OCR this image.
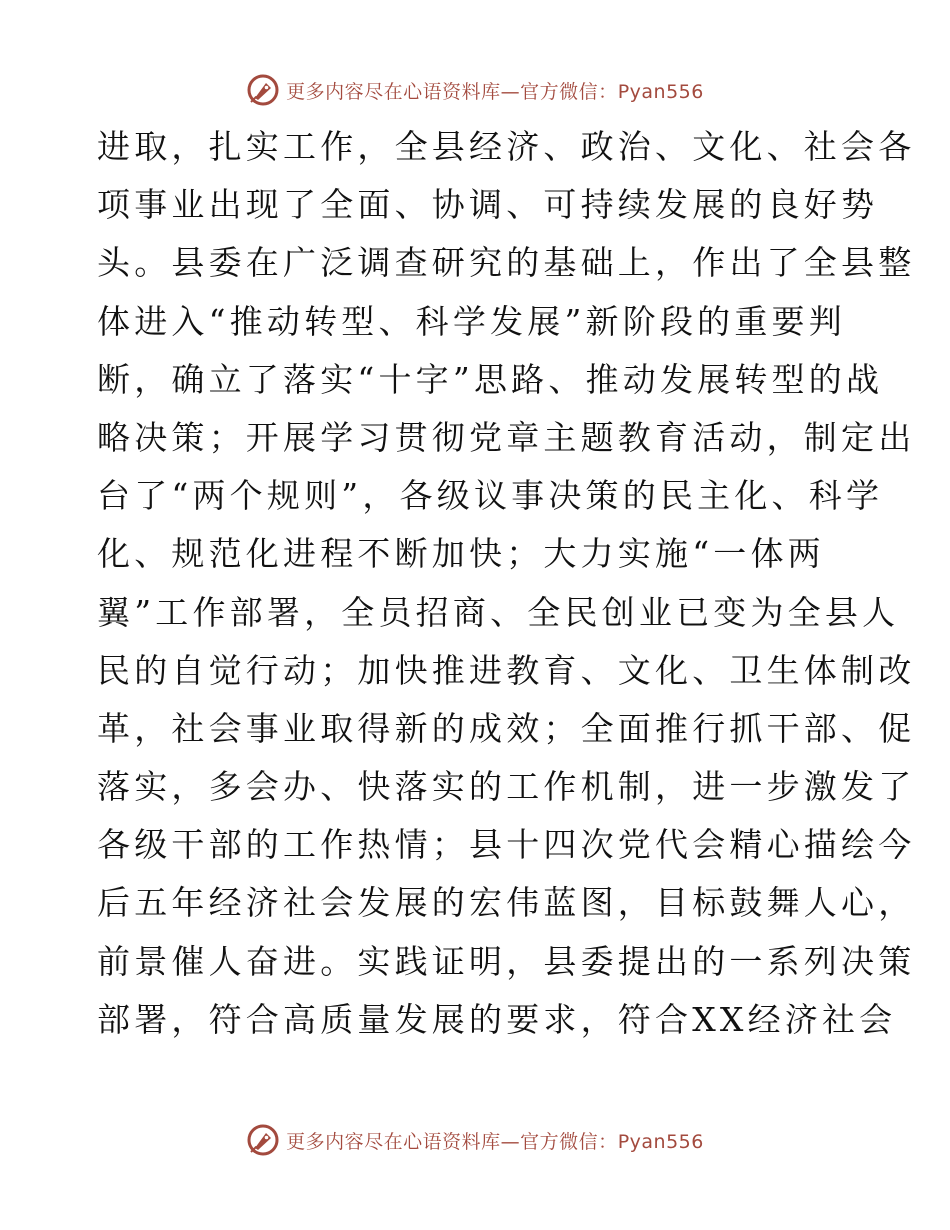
更多内容尽在心语资料库—官方微信：Pyan556
进取，扎实工作，全县经济、政治、文化、社会各
项事业出现了全面、协调、可持续发展的良好势
头。县委在广泛调查研究的基础上，作出了全县整
体进入“推动转型、科学发展”新阶段的重要判
断，确立了落实“十字”思路、推动发展转型的战
略决策；开展学习贯彻党章主题教育活动，制定出
台了“两个规则”，各级议事决策的民主化、科学
化、规范化进程不断加快；大力实施“一体两
翼”工作部署，全员招商、全民创业已变为全县人
民的自觉行动；加快推进教育、文化、卫生体制改
革，社会事业取得新的成效；全面推行抓干部、促
落实，多会办、快落实的工作机制，进一步激发了
各级干部的工作热情；县十四次党代会精心描绘今
后五年经济社会发展的宏伟蓝图，目标鼓舞人心，
前景催人奋进。实践证明，县委提出的一系列决策
部署，符合高质量发展的要求，符合XX经济社会
更多内容尽在心语资料库—官方微信：Pyan556
